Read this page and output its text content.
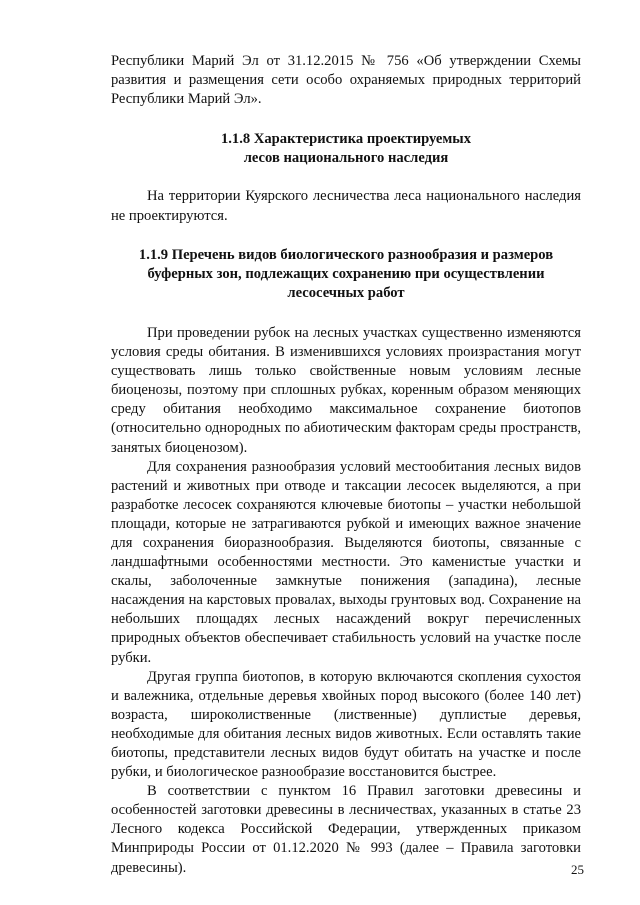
Республики Марий Эл от 31.12.2015 № 756 «Об утверждении Схемы развития и размещения сети особо охраняемых природных территорий Республики Марий Эл».

1.1.8 Характеристика проектируемых
лесов национального наследия

На территории Куярского лесничества леса национального наследия не проектируются.

1.1.9 Перечень видов биологического разнообразия и размеров
буферных зон, подлежащих сохранению при осуществлении
лесосечных работ

При проведении рубок на лесных участках существенно изменяются условия среды обитания. В изменившихся условиях произрастания могут существовать лишь только свойственные новым условиям лесные биоценозы, поэтому при сплошных рубках, коренным образом меняющих среду обитания необходимо максимальное сохранение биотопов (относительно однородных по абиотическим факторам среды пространств, занятых биоценозом).

Для сохранения разнообразия условий местообитания лесных видов растений и животных при отводе и таксации лесосек выделяются, а при разработке лесосек сохраняются ключевые биотопы – участки небольшой площади, которые не затрагиваются рубкой и имеющих важное значение для сохранения биоразнообразия. Выделяются биотопы, связанные с ландшафтными особенностями местности. Это каменистые участки и скалы, заболоченные замкнутые понижения (западина), лесные насаждения на карстовых провалах, выходы грунтовых вод. Сохранение на небольших площадях лесных насаждений вокруг перечисленных природных объектов обеспечивает стабильность условий на участке после рубки.

Другая группа биотопов, в которую включаются скопления сухостоя и валежника, отдельные деревья хвойных пород высокого (более 140 лет) возраста, широколиственные (лиственные) дуплистые деревья, необходимые для обитания лесных видов животных. Если оставлять такие биотопы, представители лесных видов будут обитать на участке и после рубки, и биологическое разнообразие восстановится быстрее.

В соответствии с пунктом 16 Правил заготовки древесины и особенностей заготовки древесины в лесничествах, указанных в статье 23 Лесного кодекса Российской Федерации, утвержденных приказом Минприроды России от 01.12.2020 № 993 (далее – Правила заготовки древесины).	25
